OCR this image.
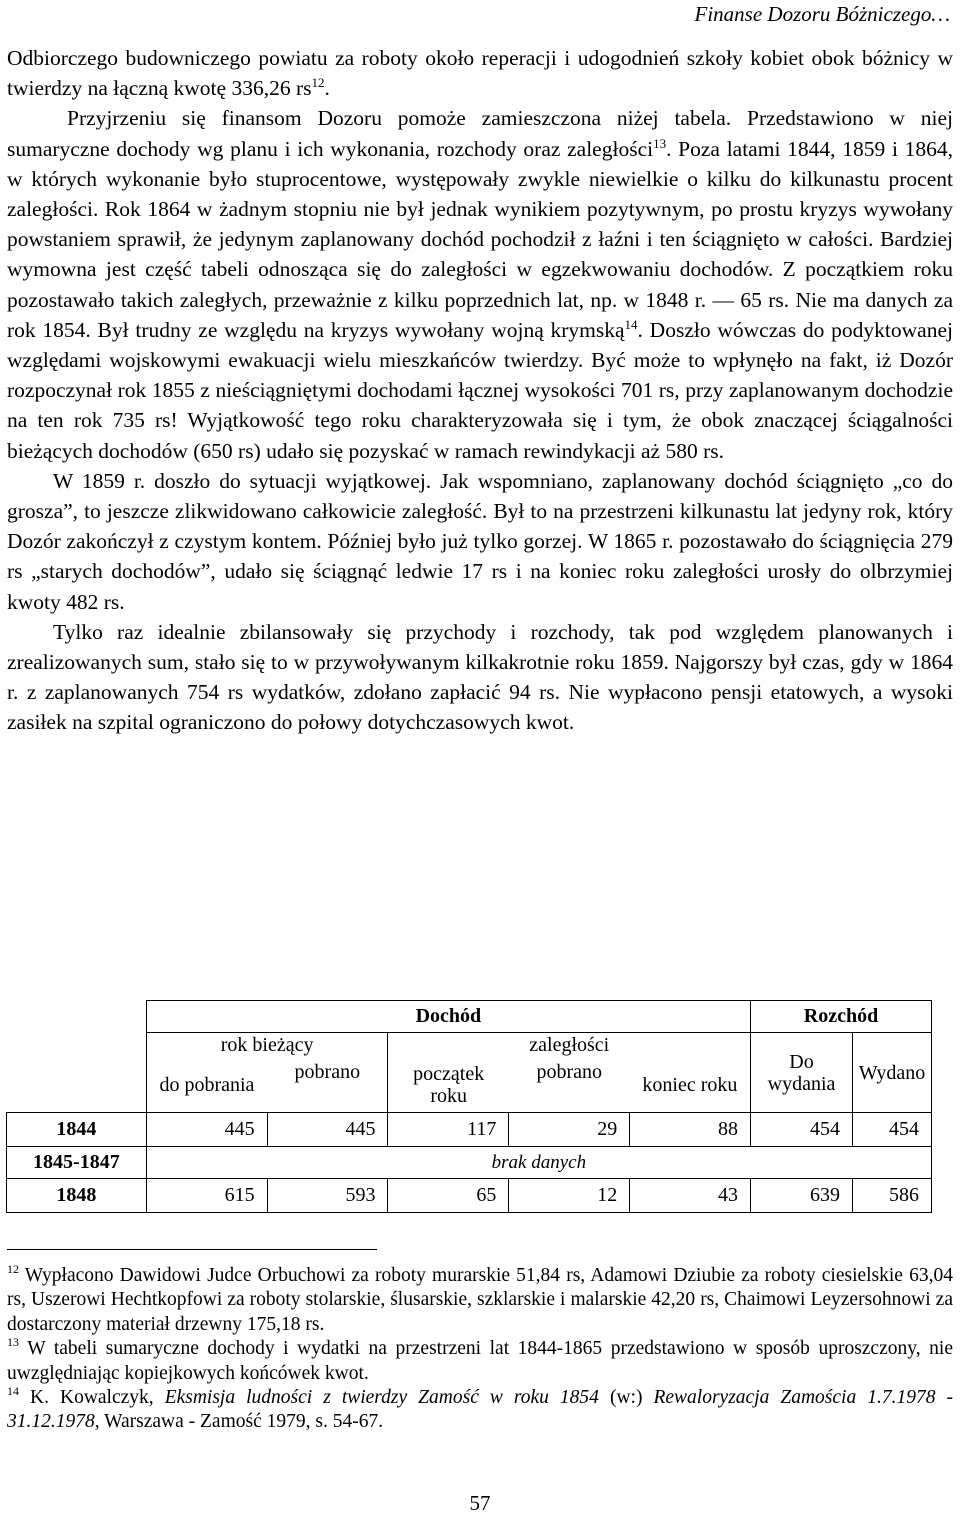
Finanse Dozoru Bóżniczego…

Odbiorczego budowniczego powiatu za roboty około reperacji i udogodnień szkoły kobiet obok bóżnicy w twierdzy na łączną kwotę 336,26 $rs^{12}$.

Przyjrzeniu się finansom Dozoru pomoże zamieszczona niżej tabela. Przedstawiono w niej sumaryczne dochody wg planu i ich wykonania, rozchody oraz zaległości$^{13}$. Poza latami 1844, 1859 i 1864, w których wykonanie było stuprocentowe, występowały zwykle niewielkie o kilku do kilkunastu procent zaległości. Rok 1864 w żadnym stopniu nie był jednak wynikiem pozytywnym, po prostu kryzys wywołany powstaniem sprawił, że jedynym zaplanowany dochód pochodził z łaźni i ten ściągnięto w całości. Bardziej wymowna jest część tabeli odnosząca się do zaległości w egzekwowaniu dochodów. Z początkiem roku pozostawało takich zaległych, przeważnie z kilku poprzednich lat, np. w 1848 r. — 65 rs. Nie ma danych za rok 1854. Był trudny ze względu na kryzys wywołany wojną krymską$^{14}$. Doszło wówczas do podyktowanej względami wojskowymi ewakuacji wielu mieszkańców twierdzy. Być może to wpłynęło na fakt, iż Dozór rozpoczynał rok 1855 z nieściągniętymi dochodami łącznej wysokości 701 rs, przy zaplanowanym dochodzie na ten rok 735 rs! Wyjątkowość tego roku charakteryzowała się i tym, że obok znaczącej ściągalności bieżących dochodów (650 rs) udało się pozyskać w ramach rewindykacji aż 580 rs.

W 1859 r. doszło do sytuacji wyjątkowej. Jak wspomniano, zaplanowany dochód ściągnięto „co do grosza”, to jeszcze zlikwidowano całkowicie zaległość. Był to na przestrzeni kilkunastu lat jedyny rok, który Dozór zakończył z czystym kontem. Później było już tylko gorzej. W 1865 r. pozostawało do ściągnięcia 279 rs „starych dochodów”, udało się ściągnąć ledwie 17 rs i na koniec roku zaległości urosły do olbrzymiej kwoty 482 rs.

Tylko raz idealnie zbilansowały się przychody i rozchody, tak pod względem planowanych i zrealizowanych sum, stało się to w przywoływanym kilkakrotnie roku 1859. Najgorszy był czas, gdy w 1864 r. z zaplanowanych 754 rs wydatków, zdołano zapłacić 94 rs. Nie wypłacono pensji etatowych, a wysoki zasiłek na szpital ograniczono do połowy dotychczasowych kwot.

	Dochód					Rozchód	
	rok bieżący		zaległości			Do wydania	Wydano
	do pobrania	pobrano	początek roku	pobrano	koniec roku		
1844	445	445	117	29	88	454	454
1845-1847	brak danych						
1848	615	593	65	12	43	639	586

$^{12}$ Wypłacono Dawidowi Judce Orbuchowi za roboty murarskie 51,84 rs, Adamowi Dziubie za roboty ciesielskie 63,04 rs, Uszerowi Hechtkopfowi za roboty stolarskie, ślusarskie, szklarskie i malarskie 42,20 rs, Chaimowi Leyzersohnowi za dostarczony materiał drzewny 175,18 rs.

$^{13}$ W tabeli sumaryczne dochody i wydatki na przestrzeni lat 1844-1865 przedstawiono w sposób uproszczony, nie uwzględniając kopiejkowych końcówek kwot.

$^{14}$ K. Kowalczyk, Eksmisja ludności z twierdzy Zamość w roku 1854 (w:) Rewaloryzacja Zamościa 1.7.1978 - 31.12.1978, Warszawa - Zamość 1979, s. 54-67.

57
